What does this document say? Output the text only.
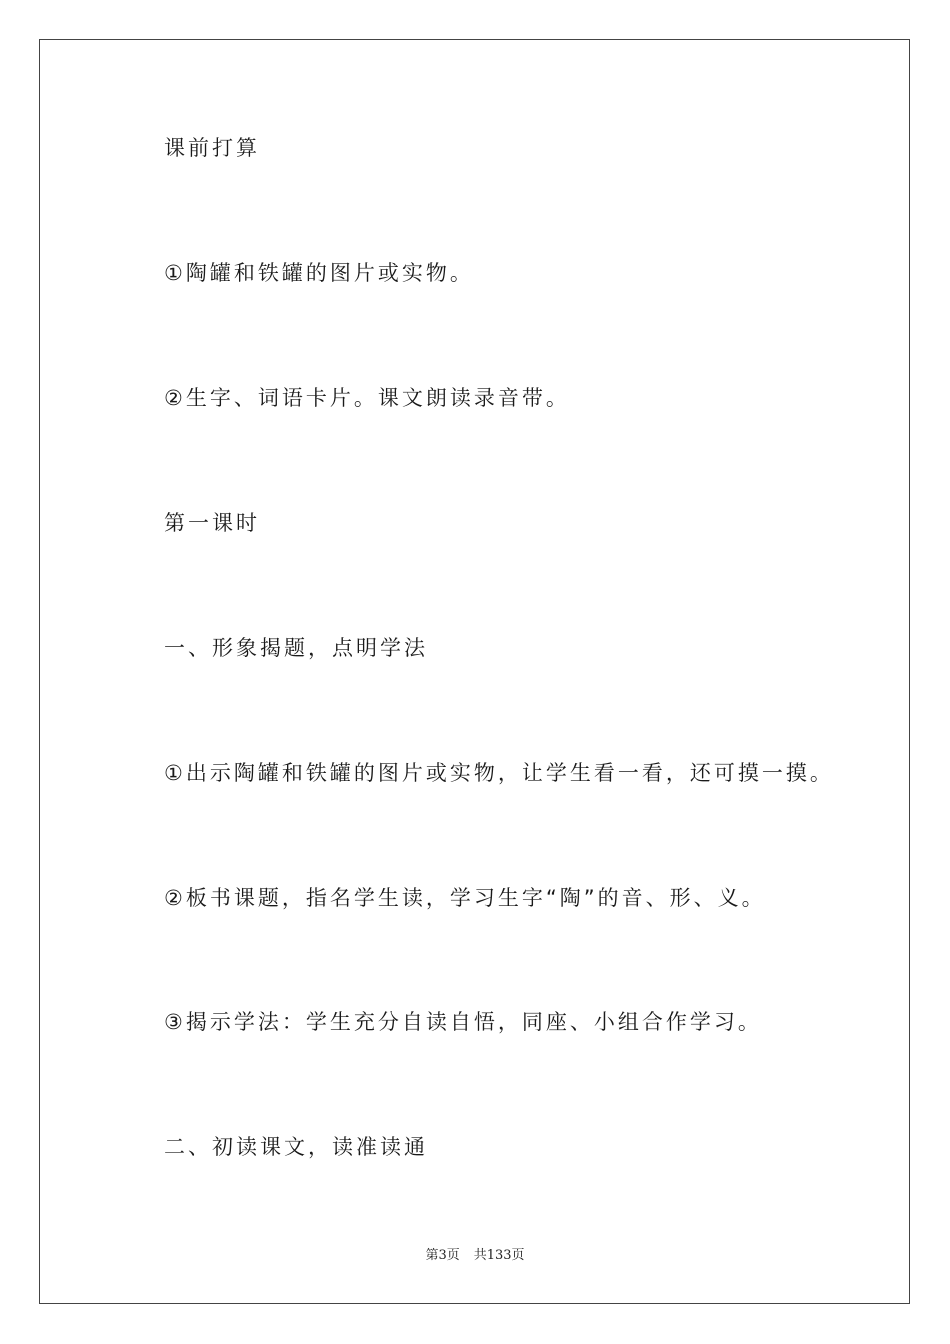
课前打算

①陶罐和铁罐的图片或实物。

②生字、词语卡片。课文朗读录音带。

第一课时

一、形象揭题，点明学法

①出示陶罐和铁罐的图片或实物，让学生看一看，还可摸一摸。

②板书课题，指名学生读，学习生字“陶”的音、形、义。

③揭示学法：学生充分自读自悟，同座、小组合作学习。

二、初读课文，读准读通

第3页 共133页
